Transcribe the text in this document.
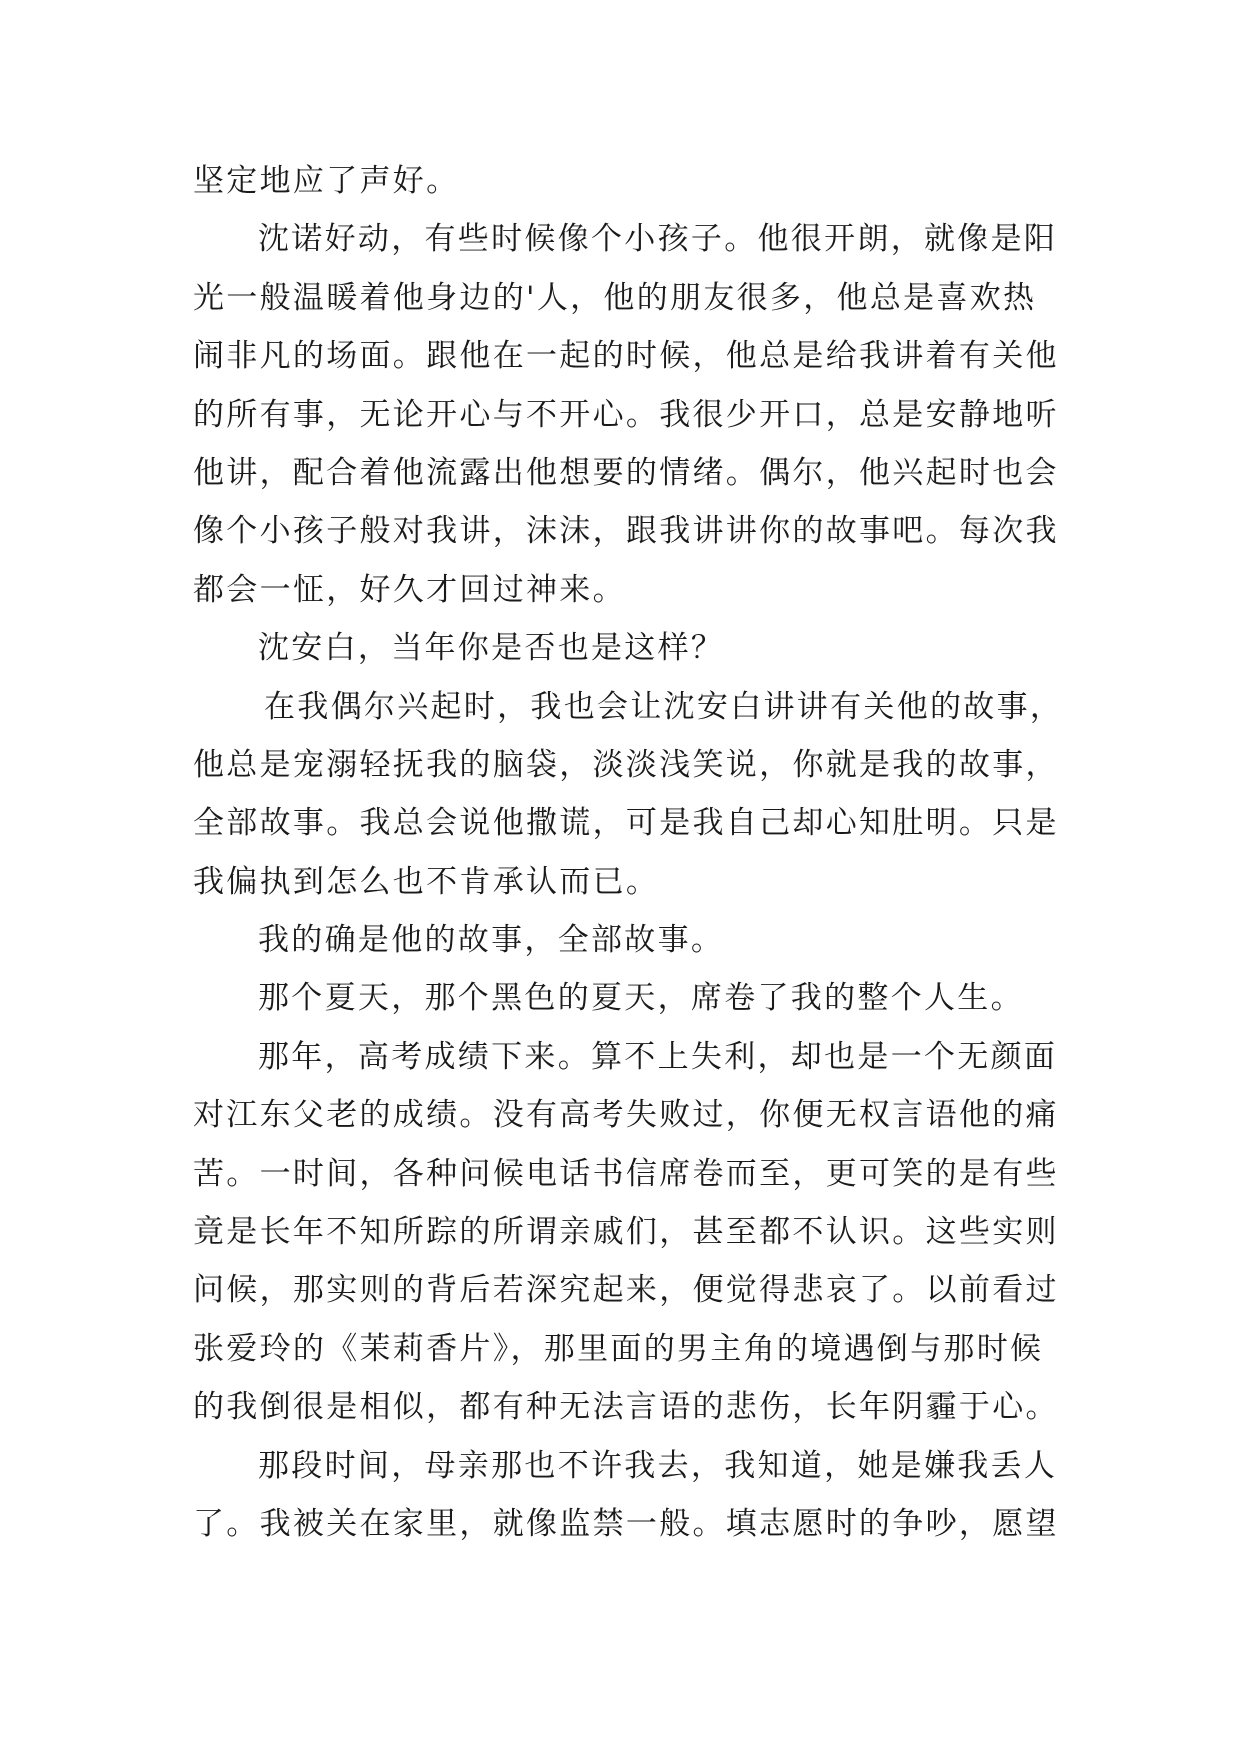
坚定地应了声好。
沈诺好动，有些时候像个小孩子。他很开朗，就像是阳
光一般温暖着他身边的'人，他的朋友很多，他总是喜欢热
闹非凡的场面。跟他在一起的时候，他总是给我讲着有关他
的所有事，无论开心与不开心。我很少开口，总是安静地听
他讲，配合着他流露出他想要的情绪。偶尔，他兴起时也会
像个小孩子般对我讲，沫沫，跟我讲讲你的故事吧。每次我
都会一怔，好久才回过神来。
沈安白，当年你是否也是这样？
在我偶尔兴起时，我也会让沈安白讲讲有关他的故事，
他总是宠溺轻抚我的脑袋，淡淡浅笑说，你就是我的故事，
全部故事。我总会说他撒谎，可是我自己却心知肚明。只是
我偏执到怎么也不肯承认而已。
我的确是他的故事，全部故事。
那个夏天，那个黑色的夏天，席卷了我的整个人生。
那年，高考成绩下来。算不上失利，却也是一个无颜面
对江东父老的成绩。没有高考失败过，你便无权言语他的痛
苦。一时间，各种问候电话书信席卷而至，更可笑的是有些
竟是长年不知所踪的所谓亲戚们，甚至都不认识。这些实则
问候，那实则的背后若深究起来，便觉得悲哀了。以前看过
张爱玲的《茉莉香片》，那里面的男主角的境遇倒与那时候
的我倒很是相似，都有种无法言语的悲伤，长年阴霾于心。
那段时间，母亲那也不许我去，我知道，她是嫌我丢人
了。我被关在家里，就像监禁一般。填志愿时的争吵，愿望
